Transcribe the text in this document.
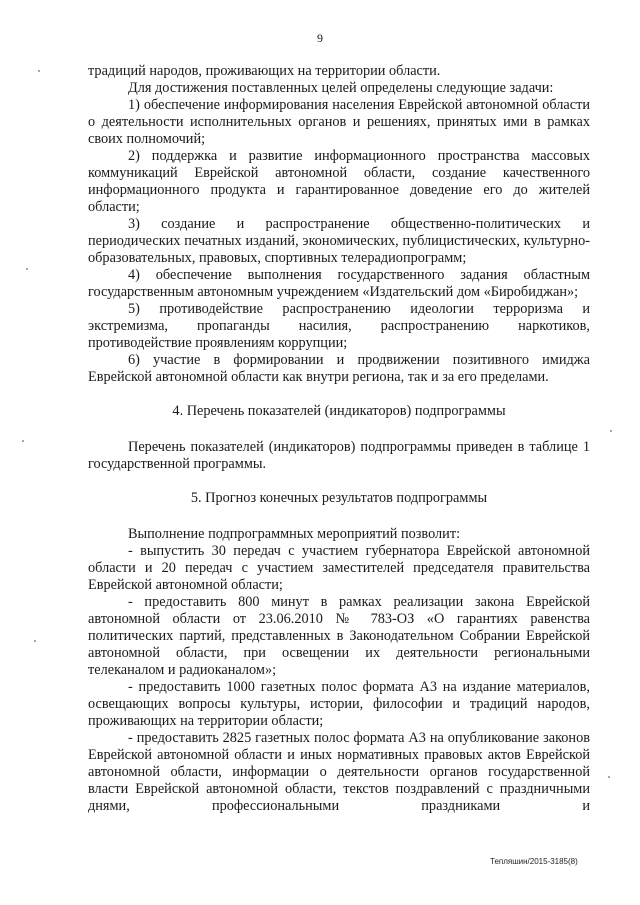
9

традиций народов, проживающих на территории области.

Для достижения поставленных целей определены следующие задачи:

1) обеспечение информирования населения Еврейской автономной области о деятельности исполнительных органов и решениях, принятых ими в рамках своих полномочий;

2) поддержка и развитие информационного пространства массовых коммуникаций Еврейской автономной области, создание качественного информационного продукта и гарантированное доведение его до жителей области;

3) создание и распространение общественно-политических и периодических печатных изданий, экономических, публицистических, культурно-образовательных, правовых, спортивных телерадиопрограмм;

4) обеспечение выполнения государственного задания областным государственным автономным учреждением «Издательский дом «Биробиджан»;

5) противодействие распространению идеологии терроризма и экстремизма, пропаганды насилия, распространению наркотиков, противодействие проявлениям коррупции;

6) участие в формировании и продвижении позитивного имиджа Еврейской автономной области как внутри региона, так и за его пределами.

4. Перечень показателей (индикаторов) подпрограммы

Перечень показателей (индикаторов) подпрограммы приведен в таблице 1 государственной программы.

5. Прогноз конечных результатов подпрограммы

Выполнение подпрограммных мероприятий позволит:

- выпустить 30 передач с участием губернатора Еврейской автономной области и 20 передач с участием заместителей председателя правительства Еврейской автономной области;

- предоставить 800 минут в рамках реализации закона Еврейской автономной области от 23.06.2010 № 783-ОЗ «О гарантиях равенства политических партий, представленных в Законодательном Собрании Еврейской автономной области, при освещении их деятельности региональными телеканалом и радиоканалом»;

- предоставить 1000 газетных полос формата А3 на издание материалов, освещающих вопросы культуры, истории, философии и традиций народов, проживающих на территории области;

- предоставить 2825 газетных полос формата А3 на опубликование законов Еврейской автономной области и иных нормативных правовых актов Еврейской автономной области, информации о деятельности органов государственной власти Еврейской автономной области, текстов поздравлений с праздничными днями, профессиональными праздниками и

Тепляшин/2015-3185(8)
